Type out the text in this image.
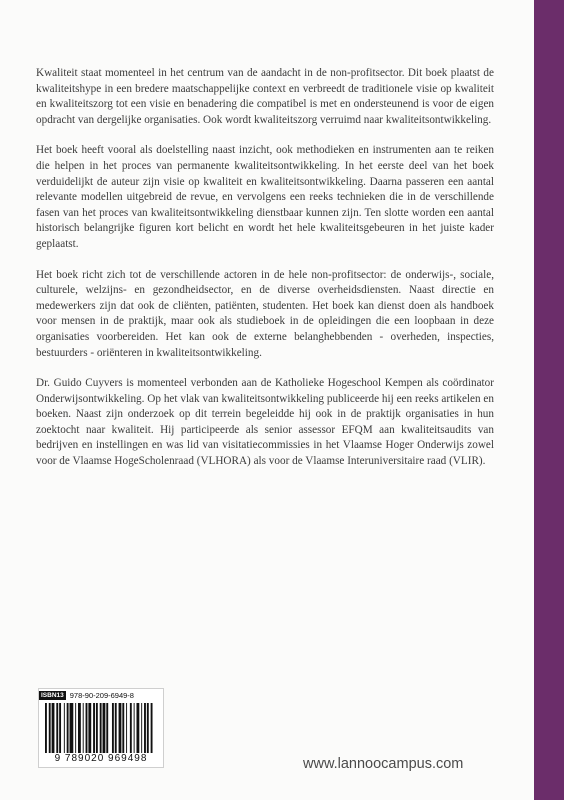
Kwaliteit staat momenteel in het centrum van de aandacht in de non-profitsector. Dit boek plaatst de kwaliteitshype in een bredere maatschappelijke context en verbreedt de traditionele visie op kwaliteit en kwaliteitszorg tot een visie en benadering die compatibel is met en ondersteunend is voor de eigen opdracht van dergelijke organisaties. Ook wordt kwaliteitszorg verruimd naar kwaliteitsontwikkeling.

Het boek heeft vooral als doelstelling naast inzicht, ook methodieken en instrumenten aan te reiken die helpen in het proces van permanente kwaliteitsontwikkeling. In het eerste deel van het boek verduidelijkt de auteur zijn visie op kwaliteit en kwaliteitsontwikkeling. Daarna passeren een aantal relevante modellen uitgebreid de revue, en vervolgens een reeks technieken die in de verschillende fasen van het proces van kwaliteitsontwikkeling dienstbaar kunnen zijn. Ten slotte worden een aantal historisch belangrijke figuren kort belicht en wordt het hele kwaliteitsgebeuren in het juiste kader geplaatst.

Het boek richt zich tot de verschillende actoren in de hele non-profitsector: de onderwijs-, sociale, culturele, welzijns- en gezondheidsector, en de diverse overheidsdiensten. Naast directie en medewerkers zijn dat ook de cliënten, patiënten, studenten. Het boek kan dienst doen als handboek voor mensen in de praktijk, maar ook als studieboek in de opleidingen die een loopbaan in deze organisaties voorbereiden. Het kan ook de externe belanghebbenden - overheden, inspecties, bestuurders - oriënteren in kwaliteitsontwikkeling.

Dr. Guido Cuyvers is momenteel verbonden aan de Katholieke Hogeschool Kempen als coördinator Onderwijsontwikkeling. Op het vlak van kwaliteitsontwikkeling publiceerde hij een reeks artikelen en boeken. Naast zijn onderzoek op dit terrein begeleidde hij ook in de praktijk organisaties in hun zoektocht naar kwaliteit. Hij participeerde als senior assessor EFQM aan kwaliteitsaudits van bedrijven en instellingen en was lid van visitatiecommissies in het Vlaamse Hoger Onderwijs zowel voor de Vlaamse HogeScholenraad (VLHORA) als voor de Vlaamse Interuniversitaire raad (VLIR).

ISBN13 978-90-209-6949-8
9 789020 969498	www.lannoocampus.com
